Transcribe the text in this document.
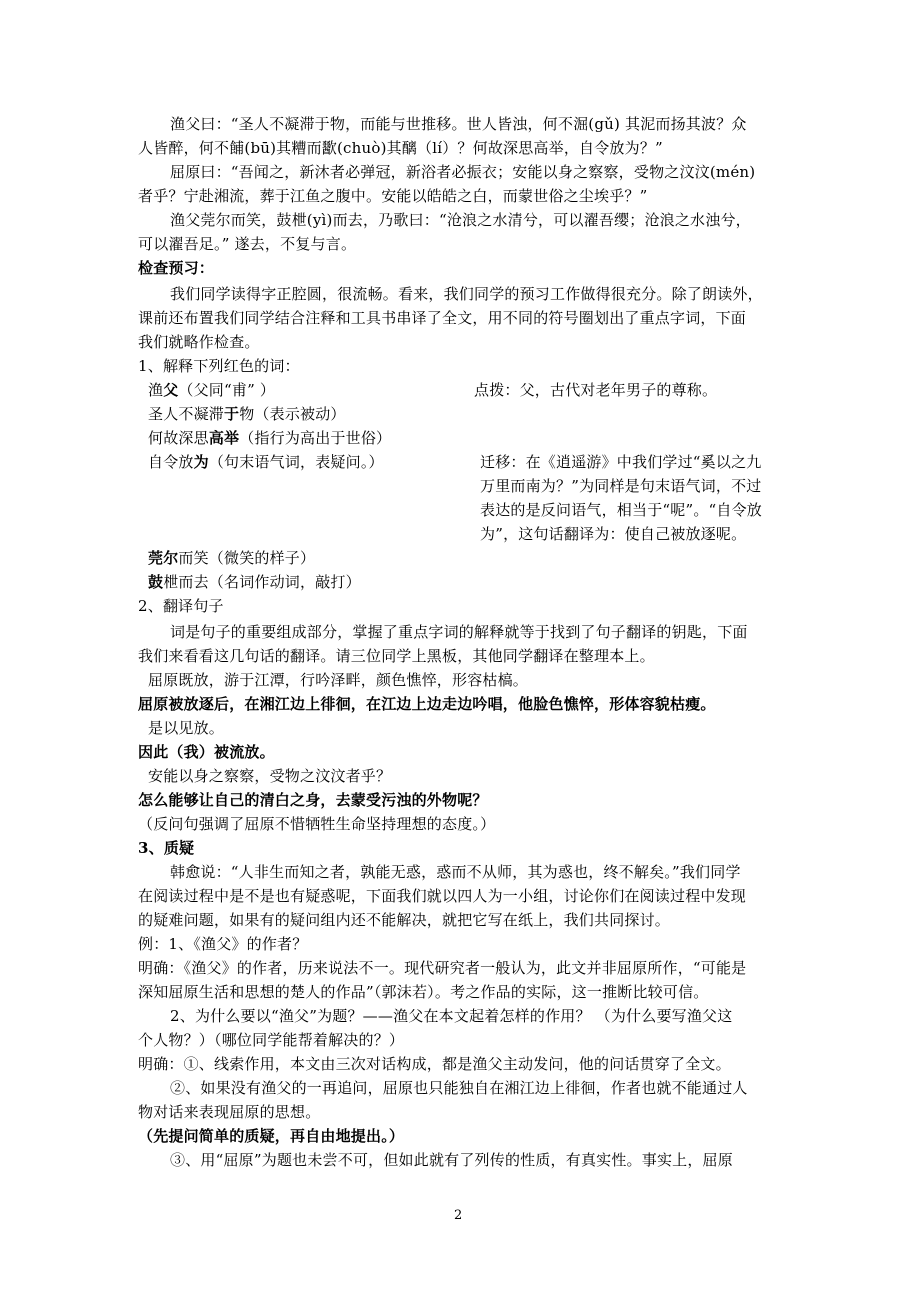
渔父曰：“圣人不凝滞于物，而能与世推移。世人皆浊，何不淈(gǔ) 其泥而扬其波？众
人皆醉，何不餔(bū)其糟而歠(chuò)其醨（lí）？何故深思高举，自令放为？”
屈原曰：“吾闻之，新沐者必弹冠，新浴者必振衣；安能以身之察察，受物之汶汶(mén)
者乎？宁赴湘流，葬于江鱼之腹中。安能以皓皓之白，而蒙世俗之尘埃乎？”
渔父莞尔而笑，鼓枻(yì)而去，乃歌曰：“沧浪之水清兮，可以濯吾缨；沧浪之水浊兮，
可以濯吾足。” 遂去，不复与言。
检查预习：
我们同学读得字正腔圆，很流畅。看来，我们同学的预习工作做得很充分。除了朗读外，
课前还布置我们同学结合注释和工具书串译了全文，用不同的符号圈划出了重点字词，下面
我们就略作检查。
1、解释下列红色的词：
渔父（父同“甫” ）	点拨：父，古代对老年男子的尊称。
圣人不凝滞于物（表示被动）
何故深思高举（指行为高出于世俗）
自令放为（句末语气词，表疑问。）	迁移：在《逍遥游》中我们学过“奚以之九
万里而南为？”为同样是句末语气词，不过
表达的是反问语气，相当于“呢”。“自令放
为”，这句话翻译为：使自己被放逐呢。
莞尔而笑（微笑的样子）
鼓枻而去（名词作动词，敲打）
2、翻译句子
词是句子的重要组成部分，掌握了重点字词的解释就等于找到了句子翻译的钥匙，下面
我们来看看这几句话的翻译。请三位同学上黑板，其他同学翻译在整理本上。
屈原既放，游于江潭，行吟泽畔，颜色憔悴，形容枯槁。
屈原被放逐后，在湘江边上徘徊，在江边上边走边吟唱，他脸色憔悴，形体容貌枯瘦。
是以见放。
因此（我）被流放。
安能以身之察察，受物之汶汶者乎？
怎么能够让自己的清白之身，去蒙受污浊的外物呢？
（反问句强调了屈原不惜牺牲生命坚持理想的态度。）
3、质疑
韩愈说：“人非生而知之者，孰能无惑，惑而不从师，其为惑也，终不解矣。”我们同学
在阅读过程中是不是也有疑惑呢，下面我们就以四人为一小组，讨论你们在阅读过程中发现
的疑难问题，如果有的疑问组内还不能解决，就把它写在纸上，我们共同探讨。
例：1、《渔父》的作者？
明确：《渔父》的作者，历来说法不一。现代研究者一般认为，此文并非屈原所作，“可能是
深知屈原生活和思想的楚人的作品”（郭沫若）。考之作品的实际，这一推断比较可信。
2、为什么要以“渔父”为题？——渔父在本文起着怎样的作用？ （为什么要写渔父这
个人物？）（哪位同学能帮着解决的？）
明确：①、线索作用，本文由三次对话构成，都是渔父主动发问，他的问话贯穿了全文。
②、如果没有渔父的一再追问，屈原也只能独自在湘江边上徘徊，作者也就不能通过人
物对话来表现屈原的思想。
（先提问简单的质疑，再自由地提出。）
③、用“屈原”为题也未尝不可，但如此就有了列传的性质，有真实性。事实上，屈原
2
